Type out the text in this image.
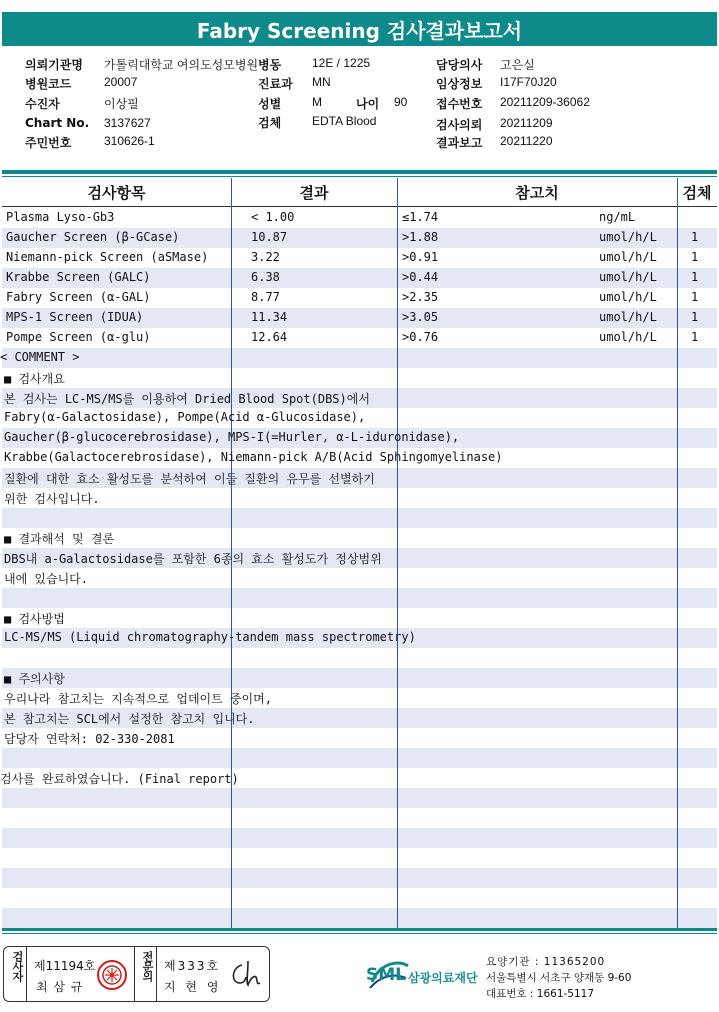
Fabry Screening 검사결과보고서
의뢰기관명 가톨릭대학교 여의도성모병원
병원코드	20007
수진자	이상필
Chart No. 3137627
주민번호	310626-1
병동	12E / 1225
진료과 MN
성별	M
검체	EDTA Blood
나이 90
담당의사 고은실
임상정보 I17F70J20
접수번호 20211209-36062
검사의뢰 20211209
결과보고 20211220
검사항목	결과	참고치	검체
Plasma Lyso-Gb3	< 1.00	≤1.74	ng/mL
Gaucher Screen (β-GCase)	10.87	>1.88	umol/h/L	1
Niemann-pick Screen (aSMase)	3.22	>0.91	umol/h/L	1
Krabbe Screen (GALC)	6.38	>0.44	umol/h/L	1
Fabry Screen (α-GAL)	8.77	>2.35	umol/h/L	1
MPS-1 Screen (IDUA)	11.34	>3.05	umol/h/L	1
Pompe Screen (α-glu)	12.64	>0.76	umol/h/L	1
< COMMENT >
■ 검사개요
본 검사는 LC-MS/MS를 이용하여 Dried Blood Spot(DBS)에서
Fabry(α-Galactosidase), Pompe(Acid α-Glucosidase),
Gaucher(β-glucocerebrosidase), MPS-I(=Hurler, α-L-iduronidase),
Krabbe(Galactocerebrosidase), Niemann-pick A/B(Acid Sphingomyelinase)
질환에 대한 효소 활성도를 분석하여 이들 질환의 유무를 선별하기
위한 검사입니다.
■ 결과해석 및 결론
DBS내 a-Galactosidase를 포함한 6종의 효소 활성도가 정상범위
내에 있습니다.
■ 검사방법
LC-MS/MS (Liquid chromatography-tandem mass spectrometry)
■ 주의사항
우리나라 참고치는 지속적으로 업데이트 중이며,
본 참고치는 SCL에서 설정한 참고치 입니다.
담당자 연락처: 02-330-2081
검사를 완료하였습니다. (Final report)
검사자 제11194호
최 삼 규
전문의 제333호
지 현 영
SML 삼광의료재단
요양기관 : 11365200
서울특별시 서초구 양재동 9-60
대표번호 : 1661-5117
